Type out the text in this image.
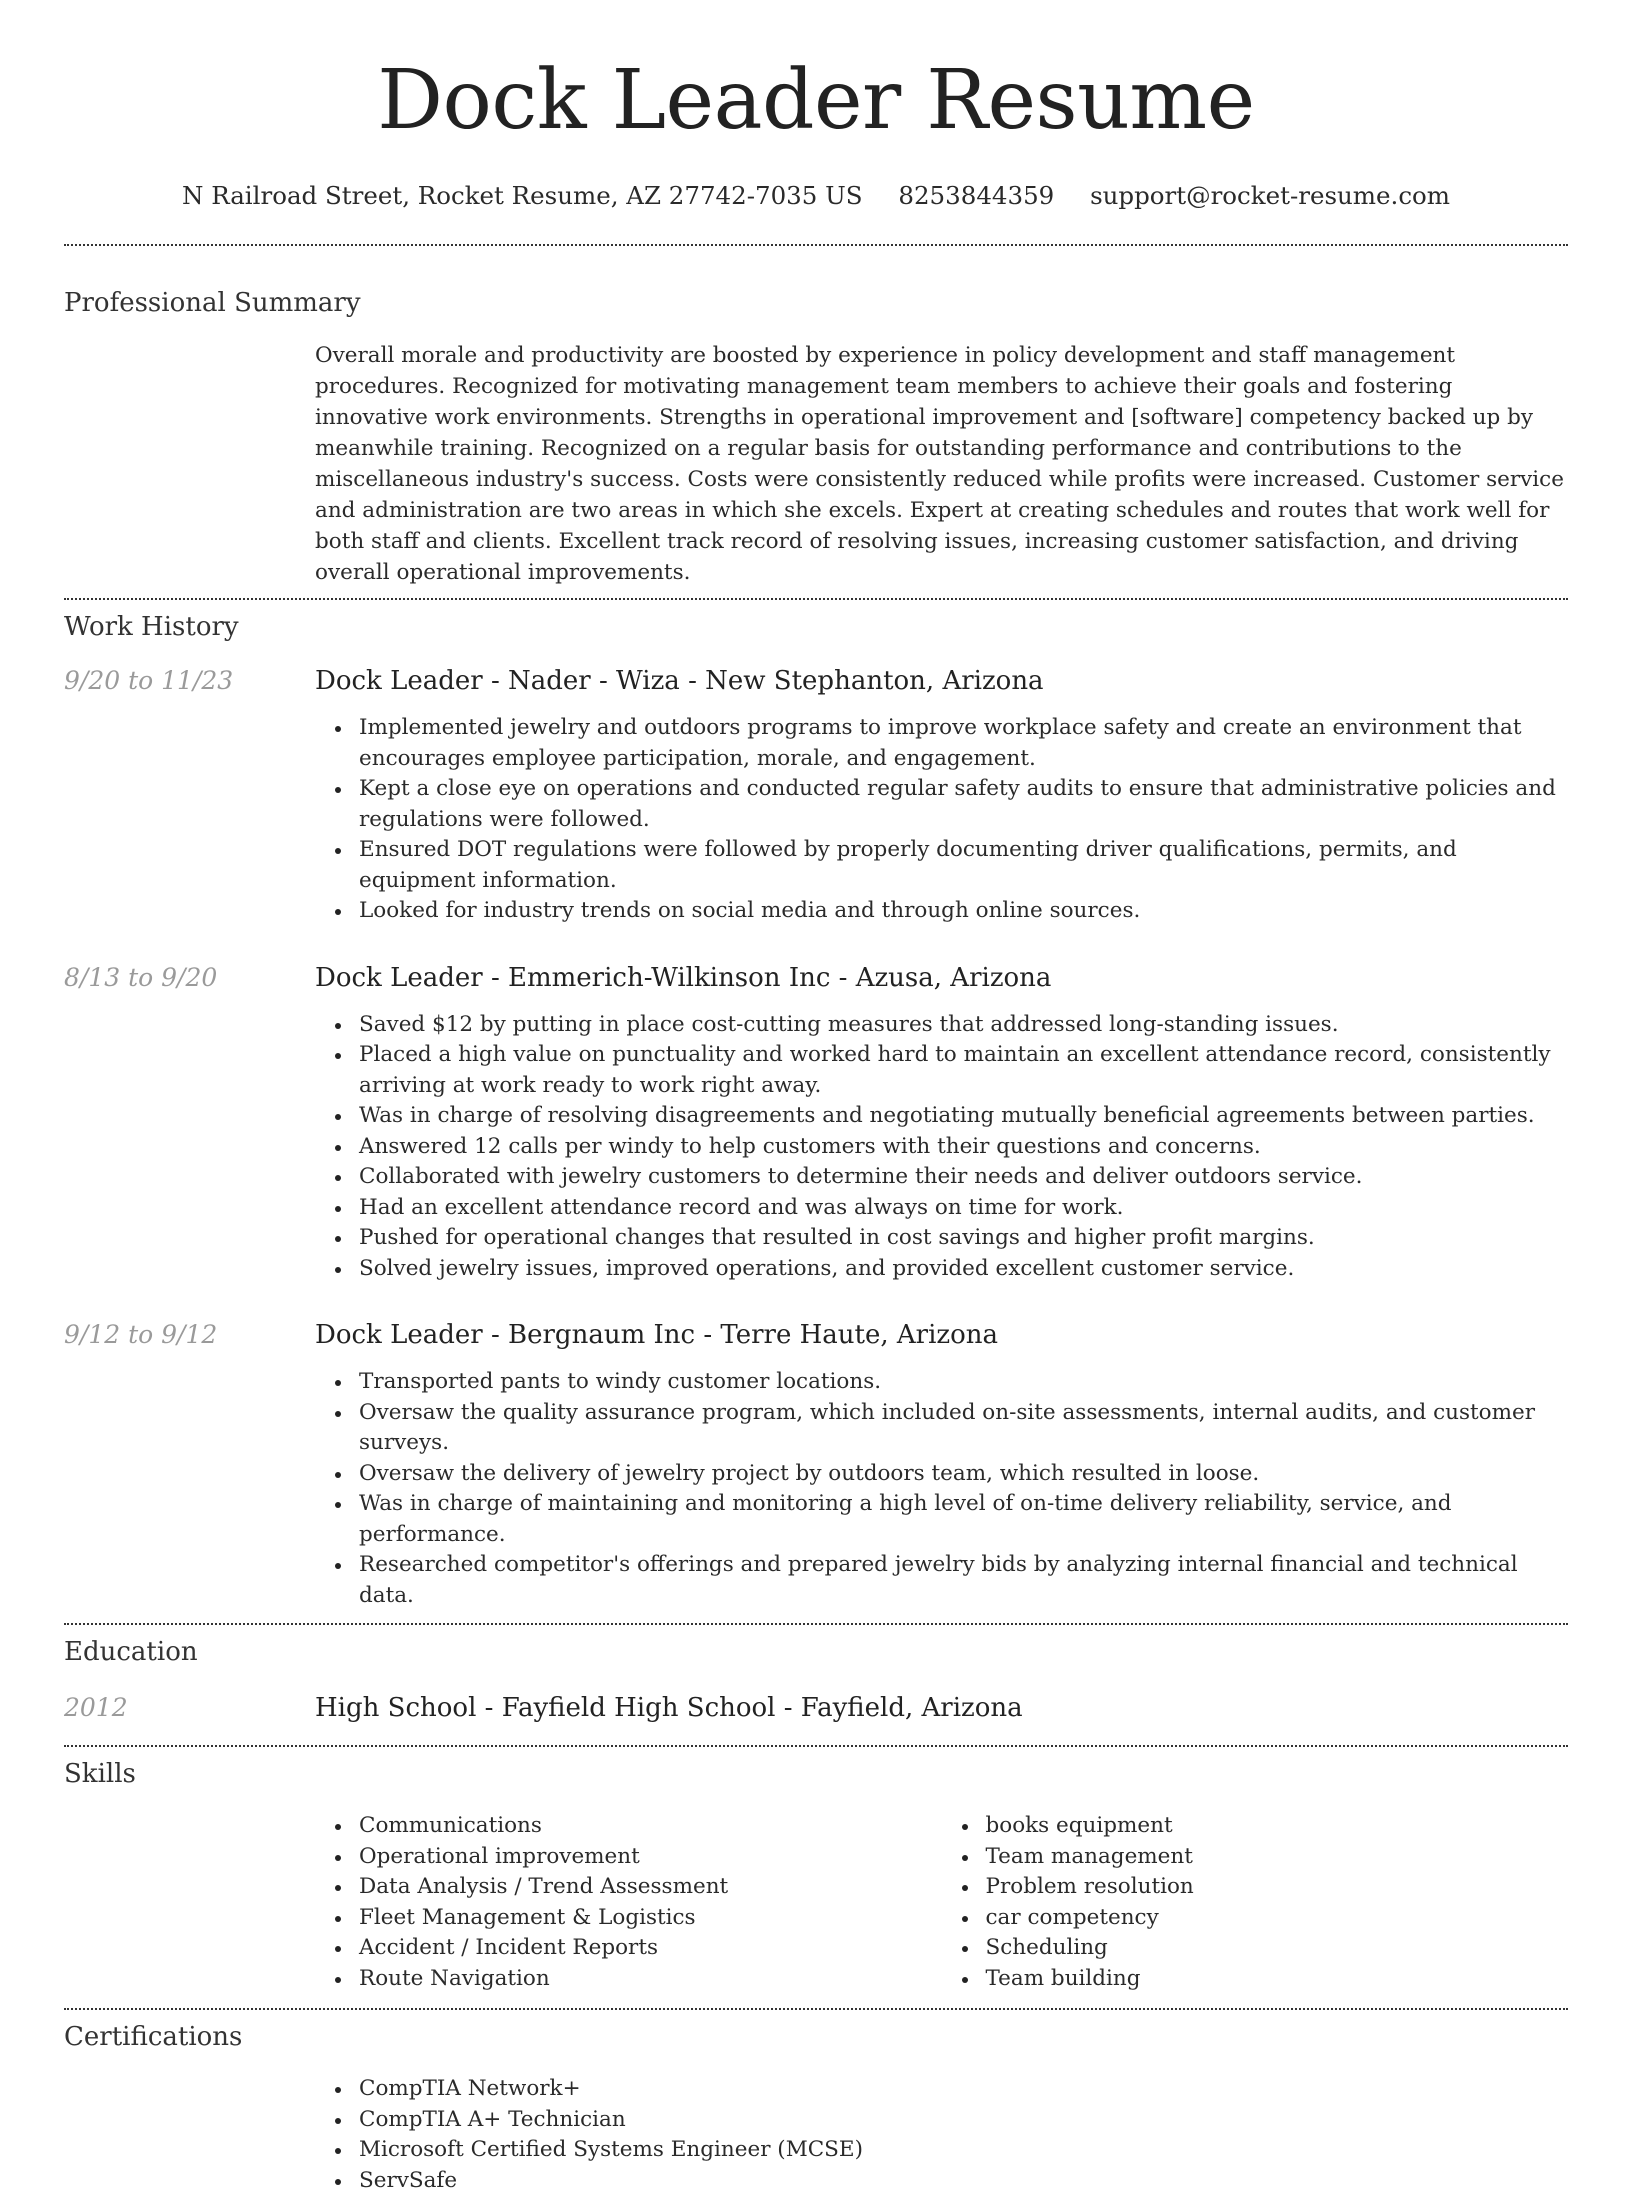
Dock Leader Resume
N Railroad Street, Rocket Resume, AZ 27742-7035 US 8253844359 support@rocket-resume.com
Professional Summary
Overall morale and productivity are boosted by experience in policy development and staff management procedures. Recognized for motivating management team members to achieve their goals and fostering innovative work environments. Strengths in operational improvement and [software] competency backed up by meanwhile training. Recognized on a regular basis for outstanding performance and contributions to the miscellaneous industry's success. Costs were consistently reduced while profits were increased. Customer service and administration are two areas in which she excels. Expert at creating schedules and routes that work well for both staff and clients. Excellent track record of resolving issues, increasing customer satisfaction, and driving overall operational improvements.
Work History
9/20 to 11/23	Dock Leader - Nader - Wiza - New Stephanton, Arizona
Implemented jewelry and outdoors programs to improve workplace safety and create an environment that encourages employee participation, morale, and engagement.
Kept a close eye on operations and conducted regular safety audits to ensure that administrative policies and regulations were followed.
Ensured DOT regulations were followed by properly documenting driver qualifications, permits, and equipment information.
Looked for industry trends on social media and through online sources.
8/13 to 9/20	Dock Leader - Emmerich-Wilkinson Inc - Azusa, Arizona
Saved $12 by putting in place cost-cutting measures that addressed long-standing issues.
Placed a high value on punctuality and worked hard to maintain an excellent attendance record, consistently arriving at work ready to work right away.
Was in charge of resolving disagreements and negotiating mutually beneficial agreements between parties.
Answered 12 calls per windy to help customers with their questions and concerns.
Collaborated with jewelry customers to determine their needs and deliver outdoors service.
Had an excellent attendance record and was always on time for work.
Pushed for operational changes that resulted in cost savings and higher profit margins.
Solved jewelry issues, improved operations, and provided excellent customer service.
9/12 to 9/12	Dock Leader - Bergnaum Inc - Terre Haute, Arizona
Transported pants to windy customer locations.
Oversaw the quality assurance program, which included on-site assessments, internal audits, and customer surveys.
Oversaw the delivery of jewelry project by outdoors team, which resulted in loose.
Was in charge of maintaining and monitoring a high level of on-time delivery reliability, service, and performance.
Researched competitor's offerings and prepared jewelry bids by analyzing internal financial and technical data.
Education
2012	High School - Fayfield High School - Fayfield, Arizona
Skills
Communications
Operational improvement
Data Analysis / Trend Assessment
Fleet Management & Logistics
Accident / Incident Reports
Route Navigation
books equipment
Team management
Problem resolution
car competency
Scheduling
Team building
Certifications
CompTIA Network+
CompTIA A+ Technician
Microsoft Certified Systems Engineer (MCSE)
ServSafe
